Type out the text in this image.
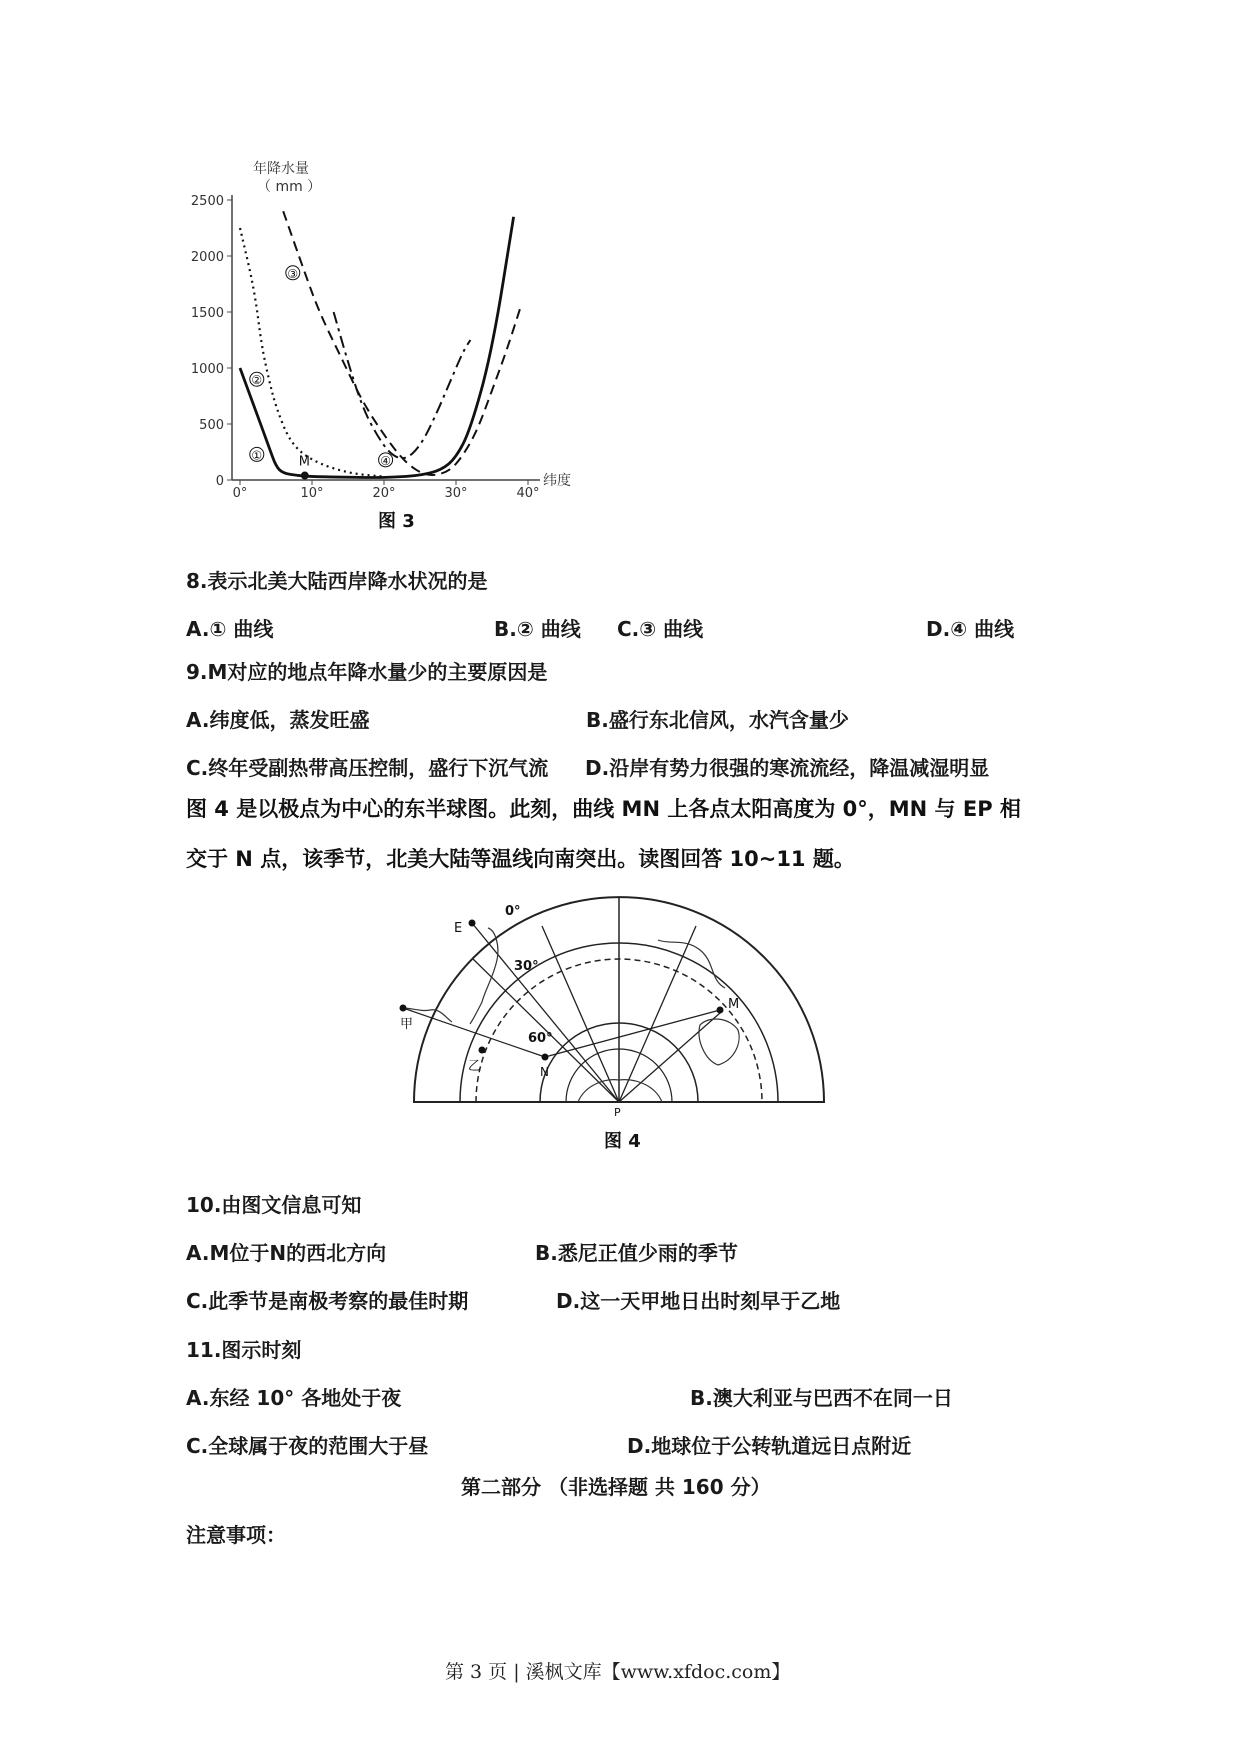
年降水量
（ mm ）
2500
2000
1500
1000
500
0
0°	10°	20°	30°	40°
纬度
①
②
③
④
M
图 3
8.表示北美大陆西岸降水状况的是
A.① 曲线	B.② 曲线 C.③ 曲线	D.④ 曲线
9.M对应的地点年降水量少的主要原因是
A.纬度低，蒸发旺盛	B.盛行东北信风，水汽含量少
C.终年受副热带高压控制，盛行下沉气流 D.沿岸有势力很强的寒流流经，降温减湿明显
图 4 是以极点为中心的东半球图。此刻，曲线 MN 上各点太阳高度为 0°，MN 与 EP 相
交于 N 点，该季节，北美大陆等温线向南突出。读图回答 10~11 题。
E
M
甲
乙	N
P
0°
30°
60°
图 4
10.由图文信息可知
A.M位于N的西北方向	B.悉尼正值少雨的季节
C.此季节是南极考察的最佳时期	D.这一天甲地日出时刻早于乙地
11.图示时刻
A.东经 10° 各地处于夜	B.澳大利亚与巴西不在同一日
C.全球属于夜的范围大于昼	D.地球位于公转轨道远日点附近
第二部分 （非选择题 共 160 分）
注意事项：
第 3 页 | 溪枫文库【www.xfdoc.com】
